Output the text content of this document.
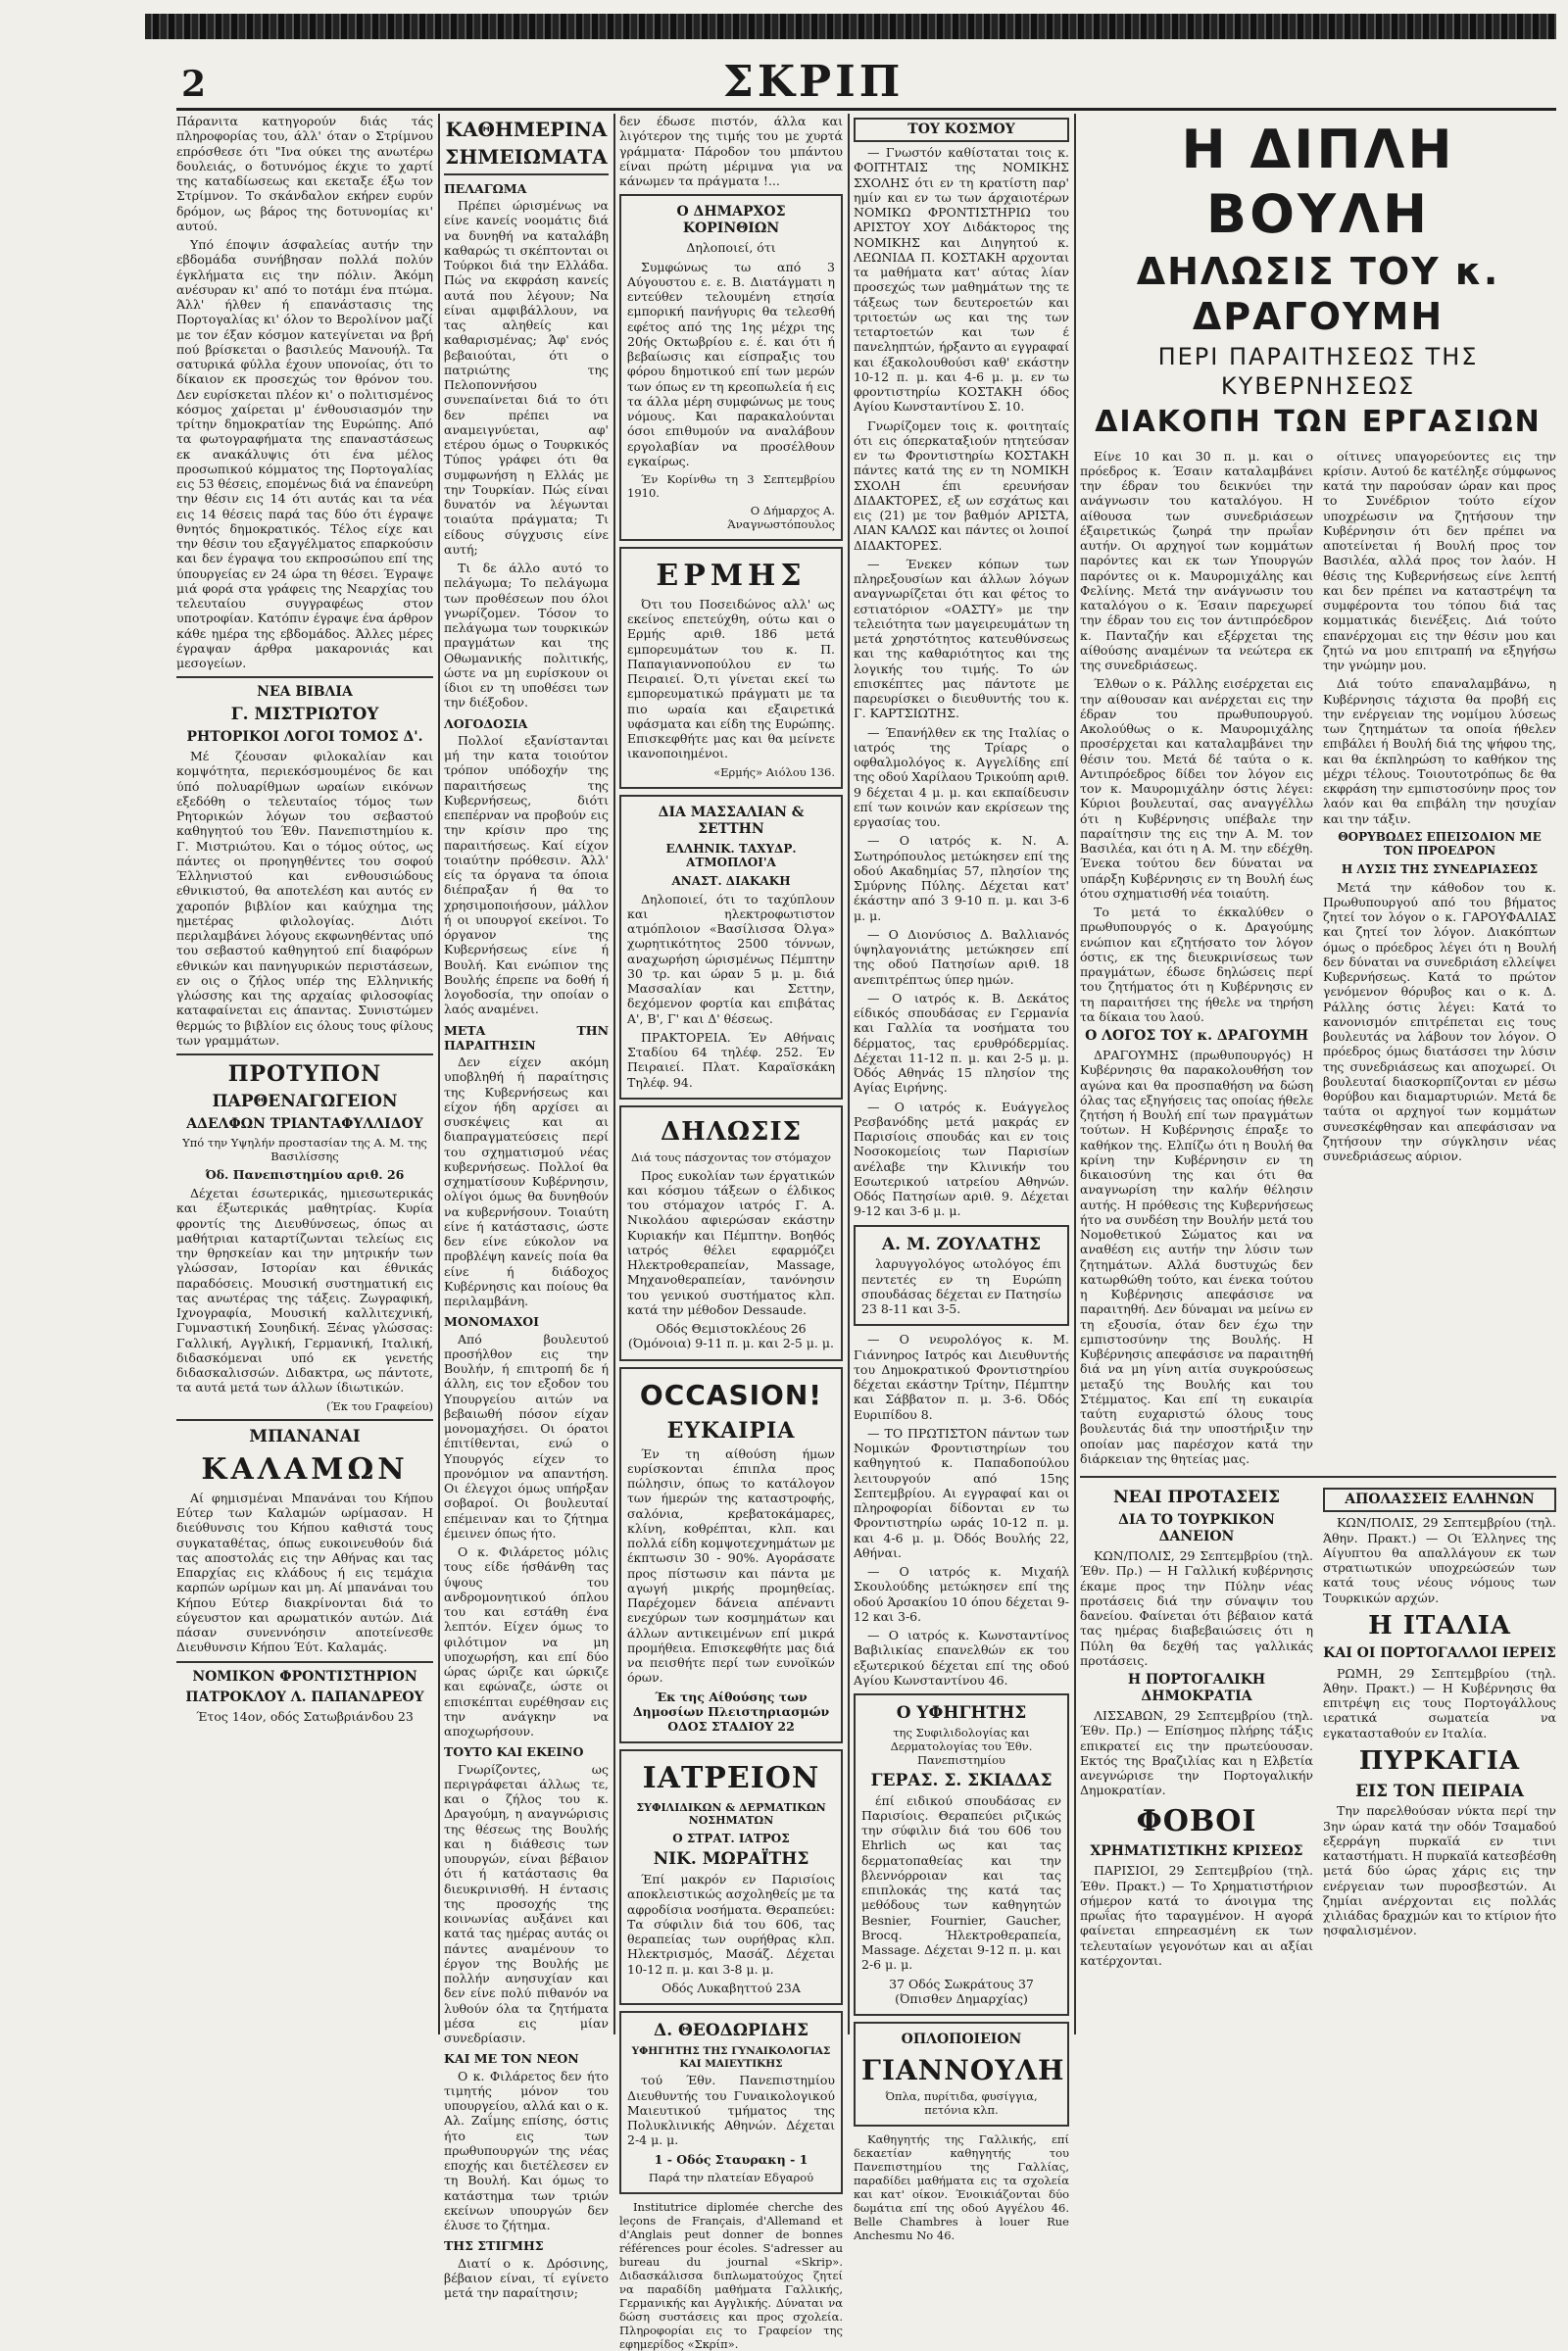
2	ΣΚΡΙΠ

Πάρανιτα κατηγορούν διάς τάς πληροφορίας του, άλλ' όταν ο Στρίμνου επρόσθεσε ότι "Ινα ούκει της ανωτέρω δουλειάς, ο δοτυνόμος έκχιε το χαρτί της καταδίωσεως και εκεταξε έξω τον Στρίμνον. Το σκάνδαλον εκήρεν ευρύν δρόμον, ως βάρος της δοτυνομίας κι' αυτού.

Υπό έποψιν άσφαλείας αυτήν την εβδομάδα συνήβησαν πολλά πολύν έγκλήματα εις την πόλιν. Άκόμη ανέσυραν κι' από το ποτάμι ένα πτώμα. Άλλ' ήλθεν ή επανάστασις της Πορτογαλίας κι' όλον το Βερολίνον μαζί με τον έξαν κόσμον κατεγίνεται να βρή πού βρίσκεται ο βασιλεύς Μανουήλ. Τα σατυρικά φύλλα έχουν υπονοίας, ότι το δίκαιον εκ προσεχώς τον θρόνον του. Δεν ευρίσκεται πλέον κι' ο πολιτισμένος κόσμος χαίρεται μ' ένθουσιασμόν την τρίτην δημοκρατίαν της Ευρώπης. Από τα φωτογραφήματα της επαναστάσεως εκ ανακάλυψις ότι ένα μέλος προσωπικού κόμματος της Πορτογαλίας εις 53 θέσεις, επομένως διά να έπανεύρη την θέσιν εις 14 ότι αυτάς και τα νέα εις 14 θέσεις παρά τας δύο ότι έγραψε θνητός δημοκρατικός. Τέλος είχε και την θέσιν του εξαγγέλματος επαρκούσιν και δεν έγραψα του εκπροσώπου επί της ύπουργείας εν 24 ώρα τη θέσει. Έγραψε μιά φορά στα γράφεις της Νεαρχίας του τελευταίου συγγραφέως στον υποτροφίαν. Κατόπιν έγραψε ένα άρθρον κάθε ημέρα της εβδομάδος. Άλλες μέρες έγραψαν άρθρα μακαρονιάς και μεσογείων.

ΝΕΑ ΒΙΒΛΙΑ
Γ. ΜΙΣΤΡΙΩΤΟΥ
ΡΗΤΟΡΙΚΟΙ ΛΟΓΟΙ ΤΟΜΟΣ Δ'.

Μέ ζέουσαν φιλοκαλίαν και κομψότητα, περιεκόσμουμένος δε και ύπό πολυαρίθμων ωραίων εικόνων εξεδόθη ο τελευταίος τόμος των Ρητορικών λόγων του σεβαστού καθηγητού του Έθν. Πανεπιστημίου κ. Γ. Μιστριώτου. Και ο τόμος ούτος, ως πάντες οι προηγηθέντες του σοφού Έλληνιστού και ενθουσιώδους εθνικιστού, θα αποτελέση και αυτός εν χαροπόν βιβλίον και καύχημα της ημετέρας φιλολογίας. Διότι περιλαμβάνει λόγους εκφωνηθέντας υπό του σεβαστού καθηγητού επί διαφόρων εθνικών και πανηγυρικών περιστάσεων, εν οις ο ζήλος υπέρ της Ελληνικής γλώσσης και της αρχαίας φιλοσοφίας καταφαίνεται εις άπαντας. Συνιστώμεν θερμώς το βιβλίον εις όλους τους φίλους των γραμμάτων.

ΠΡΟΤΥΠΟΝ
ΠΑΡΘΕΝΑΓΩΓΕΙΟΝ
ΑΔΕΛΦΩΝ ΤΡΙΑΝΤΑΦΥΛΛΙΔΟΥ

Υπό την Υψηλήν προστασίαν της Α. Μ. της Βασιλίσσης

Όδ. Πανεπιστημίου αριθ. 26

Δέχεται έσωτερικάς, ημιεσωτερικάς και έξωτερικάς μαθητρίας. Κυρία φροντίς της Διευθύνσεως, όπως αι μαθήτριαι καταρτίζωνται τελείως εις την θρησκείαν και την μητρικήν των γλώσσαν, Ιστορίαν και έθνικάς παραδόσεις. Μουσική συστηματική εις τας ανωτέρας της τάξεις. Ζωγραφική, Ιχνογραφία, Μουσική καλλιτεχνική, Γυμναστική Σουηδική. Ξένας γλώσσας: Γαλλική, Αγγλική, Γερμανική, Ιταλική, διδασκόμεναι υπό εκ γενετής διδασκαλισσών. Διδακτρα, ως πάντοτε, τα αυτά μετά των άλλων ίδιωτικών.

(Έκ του Γραφείου)

ΜΠΑΝΑΝΑΙ
ΚΑΛΑΜΩΝ

Αί φημισμέναι Μπανάναι του Κήπου Εύτερ των Καλαμών ωρίμασαν. Η διεύθυνσις του Κήπου καθιστά τους συγκαταθέτας, όπως ευκοινευθούν διά τας αποστολάς εις την Αθήνας και τας Επαρχίας εις κλάδους ή εις τεμάχια καρπών ωρίμων και μη. Αί μπανάναι του Κήπου Εύτερ διακρίνονται διά το εύγευστον και αρωματικόν αυτών. Διά πάσαν συνεννόησιν αποτείνεσθε Διευθυνσιν Κήπου Έύτ. Καλαμάς.

ΝΟΜΙΚΟΝ ΦΡΟΝΤΙΣΤΗΡΙΟΝ
ΠΑΤΡΟΚΛΟΥ Λ. ΠΑΠΑΝΔΡΕΟΥ

Έτος 14ον, οδός Σατωβριάνδου 23

ΚΑΘΗΜΕΡΙΝΑ
ΣΗΜΕΙΩΜΑΤΑ
ΠΕΛΑΓΩΜΑ

Πρέπει ώρισμένως να είνε κανείς νοομάτις διά να δυνηθή να καταλάβη καθαρώς τι σκέπτονται οι Τούρκοι διά την Ελλάδα. Πώς να εκφράση κανείς αυτά που λέγουν; Να είναι αμφιβάλλουν, να τας αληθείς και καθαρισμένας; Άφ' ενός βεβαιούται, ότι ο πατριώτης της Πελοποννήσου συνεπαίνεται διά το ότι δεν πρέπει να αναμειγνύεται, αφ' ετέρου όμως ο Τουρκικός Τύπος γράφει ότι θα συμφωνήση η Ελλάς με την Τουρκίαν. Πώς είναι δυνατόν να λέγωνται τοιαύτα πράγματα; Τι είδους σύγχυσις είνε αυτή;

Τι δε άλλο αυτό το πελάγωμα; Το πελάγωμα των προθέσεων που όλοι γνωρίζομεν. Τόσον το πελάγωμα των τουρκικών πραγμάτων και της Οθωμανικής πολιτικής, ώστε να μη ευρίσκουν οι ίδιοι εν τη υποθέσει των την διέξοδον.

ΛΟΓΟΔΟΣΙΑ

Πολλοί εξανίστανται μή την κατα τοιούτον τρόπον υπόδοχήν της παραιτήσεως της Κυβερνήσεως, διότι επεπέρναν να προβούν εις την κρίσιν προ της παραιτήσεως. Καί είχον τοιαύτην πρόθεσιν. Άλλ' είς τα όργανα τα όποια διέπραξαν ή θα το χρησιμοποιήσουν, μάλλον ή οι υπουργοί εκείνοι. Το όργανον της Κυβερνήσεως είνε ή Βουλή. Και ενώπιον της Βουλής έπρεπε να δοθή ή λογοδοσία, την οποίαν ο λαός αναμένει.

ΜΕΤΑ ΤΗΝ ΠΑΡΑΙΤΗΣΙΝ

Δεν είχεν ακόμη υποβληθή ή παραίτησις της Κυβερνήσεως και είχον ήδη αρχίσει αι συσκέψεις και αι διαπραγματεύσεις περί του σχηματισμού νέας κυβερνήσεως. Πολλοί θα σχηματίσουν Κυβέρνησιν, ολίγοι όμως θα δυνηθούν να κυβερνήσουν. Τοιαύτη είνε ή κατάστασις, ώστε δεν είνε εύκολον να προβλέψη κανείς ποία θα είνε ή διάδοχος Κυβέρνησις και ποίους θα περιλαμβάνη.

ΜΟΝΟΜΑΧΟΙ

Από βουλευτού προσήλθον εις την Βουλήν, ή επιτροπή δε ή άλλη, εις τον εξοδον του Υπουργείου αιτών να βεβαιωθή πόσον είχαν μονομαχήσει. Οι όρατοι έπιτίθενται, ενώ ο Υπουργός είχεν το προνόμιον να απαντήση. Οι έλεγχοι όμως υπήρξαν σοβαροί. Οι βουλευταί επέμειναν και το ζήτημα έμεινεν όπως ήτο.

Ο κ. Φιλάρετος μόλις τους είδε ήσθάνθη τας ύψους του ανδρομονητικού όπλου του και εστάθη ένα λεπτόν. Είχεν όμως το φιλότιμον να μη υποχωρήση, και επί δύο ώρας ώριζε και ώρκιζε και εφώναζε, ώστε οι επισκέπται ευρέθησαν εις την ανάγκην να αποχωρήσουν.

ΤΟΥΤΟ ΚΑΙ ΕΚΕΙΝΟ

Γνωρίζοντες, ως περιγράφεται άλλως τε, και ο ζήλος του κ. Δραγούμη, η αναγνώρισις της θέσεως της Βουλής και η διάθεσις των υπουργών, είναι βέβαιον ότι ή κατάστασις θα διευκρινισθή. Η έντασις της προσοχής της κοινωνίας αυξάνει και κατά τας ημέρας αυτάς οι πάντες αναμένουν το έργον της Βουλής με πολλήν ανησυχίαν και δεν είνε πολύ πιθανόν να λυθούν όλα τα ζητήματα μέσα εις μίαν συνεδρίασιν.

ΚΑΙ ΜΕ ΤΟΝ ΝΕΟΝ

Ο κ. Φιλάρετος δεν ήτο τιμητής μόνον του υπουργείου, αλλά και ο κ. Αλ. Ζαΐμης επίσης, όστις ήτο εις των πρωθυπουργών της νέας εποχής και διετέλεσεν εν τη Βουλή. Και όμως το κατάστημα των τριών εκείνων υπουργών δεν έλυσε το ζήτημα.

ΤΗΣ ΣΤΙΓΜΗΣ

Διατί ο κ. Δρόσινης, βέβαιον είναι, τί εγίνετο μετά την παραίτησιν;

δεν έδωσε πιστόν, άλλα και λιγότερον της τιμής του με χυρτά γράμματα· Πάροδον του μπάντου είναι πρώτη μέριμνα για να κάνωμεν τα πράγματα !...

Ο ΔΗΜΑΡΧΟΣ ΚΟΡΙΝΘΙΩΝ

Δηλοποιεί, ότι

Συμφώνως τω από 3 Αύγουστου ε. ε. Β. Διατάγματι η εντεύθεν τελουμένη ετησία εμπορική πανήγυρις θα τελεσθή εφέτος από της 1ης μέχρι της 20ής Οκτωβρίου ε. έ. και ότι ή βεβαίωσις και είσπραξις του φόρου δημοτικού επί των μερών των όπως εν τη κρεοπωλεία ή εις τα άλλα μέρη συμφώνως με τους νόμους. Και παρακαλούνται όσοι επιθυμούν να αναλάβουν εργολαβίαν να προσέλθουν εγκαίρως.

Έν Κορίνθω τη 3 Σεπτεμβρίου 1910.

Ο Δήμαρχος Α. Άναγνωστόπουλος

ΕΡΜΗΣ

Ότι του Ποσειδώνος αλλ' ως εκείνος επετεύχθη, ούτω και ο Ερμής αριθ. 186 μετά εμπορευμάτων του κ. Π. Παπαγιαννοπούλου εν τω Πειραιεί. Ό,τι γίνεται εκεί τω εμπορευματικώ πράγματι με τα πιο ωραία και εξαιρετικά υφάσματα και είδη της Ευρώπης. Επισκεφθήτε μας και θα μείνετε ικανοποιημένοι.

«Ερμής» Αιόλου 136.

ΔΙΑ ΜΑΣΣΑΛΙΑΝ & ΣΕΤΤΗΝ
ΕΛΛΗΝΙΚ. ΤΑΧΥΔΡ. ΑΤΜΟΠΛΟΙ'Α
ΑΝΑΣΤ. ΔΙΑΚΑΚΗ

Δηλοποιεί, ότι το ταχύπλουν και ηλεκτροφωτιστον ατμόπλοιον «Βασίλισσα Όλγα» χωρητικότητος 2500 τόννων, αναχωρήση ώρισμένως Πέμπτην 30 τρ. και ώραν 5 μ. μ. διά Μασσαλίαν και Σεττην, δεχόμενον φορτία και επιβάτας Α', Β', Γ' και Δ' θέσεως.

ΠΡΑΚΤΟΡΕΙΑ. Έν Αθήναις Σταδίου 64 τηλέφ. 252. Έν Πειραιεί. Πλατ. Καραϊσκάκη Τηλέφ. 94.

ΔΗΛΩΣΙΣ

Διά τους πάσχοντας τον στόμαχον

Προς ευκολίαν των έργατικών και κόσμου τάξεων ο έλδικος του στόμαχον ιατρός Γ. Α. Νικολάου αφιερώσαν εκάστην Κυριακήν και Πέμπτην. Βοηθός ιατρός θέλει εφαρμόζει Ηλεκτροθεραπείαν, Massage, Μηχανοθεραπείαν, τανόνησιν του γενικού συστήματος κλπ. κατά την μέθοδον Dessaude.

Οδός Θεμιστοκλέους 26 (Όμόνοια) 9-11 π. μ. και 2-5 μ. μ.

OCCASION!
ΕΥΚΑΙΡΙΑ

Έν τη αίθούση ήμων ευρίσκονται έπιπλα προς πώλησιν, όπως το κατάλογον των ήμερών της καταστροφής, σαλόνια, κρεβατοκάμαρες, κλίνη, κοθρέπται, κλπ. και πολλά είδη κομψοτεχνημάτων με έκπτωσιν 30 - 90%. Αγοράσατε προς πίστωσιν και πάντα με αγωγή μικρής προμηθείας. Παρέχομεν δάνεια απέναντι ενεχύρων των κοσμημάτων και άλλων αντικειμένων επί μικρά προμήθεια. Επισκεφθήτε μας διά να πεισθήτε περί των ευνοϊκών όρων.

Έκ της Αίθούσης των Δημοσίων Πλειστηριασμών ΟΔΟΣ ΣΤΑΔΙΟΥ 22

ΙΑΤΡΕΙΟΝ
ΣΥΦΙΛΙΔΙΚΩΝ & ΔΕΡΜΑΤΙΚΩΝ ΝΟΣΗΜΑΤΩΝ
Ο ΣΤΡΑΤ. ΙΑΤΡΟΣ
ΝΙΚ. ΜΩΡΑΪΤΗΣ

Έπί μακρόν εν Παρισίοις αποκλειστικώς ασχοληθείς με τα αφροδίσια νοσήματα. Θεραπεύει: Τα σύφιλιν διά του 606, τας θεραπείας των ουρήθρας κλπ. Ηλεκτρισμός, Μασάζ. Δέχεται 10-12 π. μ. και 3-8 μ. μ.

Οδός Λυκαβηττού 23Α

Δ. ΘΕΟΔΩΡΙΔΗΣ
ΥΦΗΓΗΤΗΣ ΤΗΣ ΓΥΝΑΙΚΟΛΟΓΙΑΣ ΚΑΙ ΜΑΙΕΥΤΙΚΗΣ

τού Έθν. Πανεπιστημίου Διευθυντής του Γυναικολογικού Μαιευτικού τμήματος της Πολυκλινικής Αθηνών. Δέχεται 2-4 μ. μ.

1 - Οδός Σταυρακη - 1

Παρά την πλατείαν Εδγαρού

Institutrice diplomée cherche des leçons de Français, d'Allemand et d'Anglais peut donner de bonnes références pour écoles. S'adresser au bureau du journal «Skrip». Διδασκάλισσα διπλωματούχος ζητεί να παραδίδη μαθήματα Γαλλικής, Γερμανικής και Αγγλικής. Δύναται να δώση συστάσεις και προς σχολεία. Πληροφορίαι εις το Γραφείον της εφημερίδος «Σκρίπ».

ΤΟΥ ΚΟΣΜΟΥ

— Γνωστόν καθίσταται τοις κ. ΦΟΙΤΗΤΑΙΣ της ΝΟΜΙΚΗΣ ΣΧΟΛΗΣ ότι εν τη κρατίστη παρ' ημίν και εν τω των άρχαιοτέρων ΝΟΜΙΚΩ ΦΡΟΝΤΙΣΤΗΡΙΩ του ΑΡΙΣΤΟΥ ΧΟΥ Διδάκτορος της ΝΟΜΙΚΗΣ και Διηγητού κ. ΛΕΩΝΙΔΑ Π. ΚΟΣΤΑΚΗ αρχονται τα μαθήματα κατ' αύτας λίαν προσεχώς των μαθημάτων της τε τάξεως των δευτεροετών και τριτοετών ως και της των τεταρτοετών και των έ πανεληπτών, ήρξαντο αι εγγραφαί και έξακολουθούσι καθ' εκάστην 10-12 π. μ. και 4-6 μ. μ. εν τω φροντιστηρίω ΚΟΣΤΑΚΗ όδος Αγίου Κωνσταντίνου Σ. 10.

Γνωρίζομεν τοις κ. φοιτηταίς ότι εις όπερκαταξιούν ητητεύσαν εν τω Φροντιστηρίω ΚΟΣΤΑΚΗ πάντες κατά της εν τη ΝΟΜΙΚΗ ΣΧΟΛΗ έπι ερευνήσαν ΔΙΔΑΚΤΟΡΕΣ, εξ ων εσχάτως και εις (21) με τον βαθμόν ΑΡΙΣΤΑ, ΛΙΑΝ ΚΑΛΩΣ και πάντες οι λοιποί ΔΙΔΑΚΤΟΡΕΣ.

— Ένεκεν κόπων των πληρεξουσίων και άλλων λόγων αναγνωρίζεται ότι και φέτος το εστιατόριον «ΟΑΣΤΥ» με την τελειότητα των μαγειρευμάτων τη μετά χρηστότητος κατευθύνσεως και της καθαριότητος και της λογικής του τιμής. Το ών επισκέπτες μας πάντοτε με παρευρίσκει ο διευθυντής του κ. Γ. ΚΑΡΤΣΙΩΤΗΣ.

— Έπανήλθεν εκ της Ιταλίας ο ιατρός της Τρίαρς ο οφθαλμολόγος κ. Αγγελίδης επί της οδού Χαρίλαου Τρικούπη αριθ. 9 δέχεται 4 μ. μ. και εκπαίδευσιν επί των κοινών καν εκρίσεων της εργασίας του.

— Ο ιατρός κ. Ν. Α. Σωτηρόπουλος μετώκησεν επί της οδού Ακαδημίας 57, πλησίον της Σμύρνης Πύλης. Δέχεται κατ' έκάστην από 3 9-10 π. μ. και 3-6 μ. μ.

— Ο Διονύσιος Δ. Βαλλιανός ύψηλαγονιάτης μετώκησεν επί της οδού Πατησίων αριθ. 18 ανεπιτρέπτως ύπερ ημών.

— Ο ιατρός κ. Β. Δεκάτος είδικός σπουδάσας εν Γερμανία και Γαλλία τα νοσήματα του δέρματος, τας ερυθρόδερμίας. Δέχεται 11-12 π. μ. και 2-5 μ. μ. Όδός Αθηνάς 15 πλησίον της Αγίας Ειρήνης.

— Ο ιατρός κ. Ευάγγελος Ρεσβανόδης μετά μακράς εν Παρισίοις σπουδάς και εν τοις Νοσοκομείοις των Παρισίων ανέλαβε την Κλινικήν του Εσωτερικού ιατρείου Αθηνών. Οδός Πατησίων αριθ. 9. Δέχεται 9-12 και 3-6 μ. μ.

Α. Μ. ΖΟΥΛΑΤΗΣ

λαρυγγολόγος ωτολόγος έπι πεντετές εν τη Ευρώπη σπουδάσας δέχεται εν Πατησίω 23 8-11 και 3-5.

— Ο νευρολόγος κ. Μ. Γιάννηρος Ιατρός και Διευθυντής του Δημοκρατικού Φροντιστηρίου δέχεται εκάστην Τρίτην, Πέμπτην και Σάββατον π. μ. 3-6. Όδός Ευριπίδου 8.

— ΤΟ ΠΡΩΤΙΣΤΟΝ πάντων των Νομικών Φροντιστηρίων του καθηγητού κ. Παπαδοπούλου λειτουργούν από 15ης Σεπτεμβρίου. Αι εγγραφαί και οι πληροφορίαι δίδονται εν τω Φροντιστηρίω ωράς 10-12 π. μ. και 4-6 μ. μ. Όδός Βουλής 22, Αθήναι.

— Ο ιατρός κ. Μιχαήλ Σκουλούδης μετώκησεν επί της οδού Άρσακίου 10 όπου δέχεται 9-12 και 3-6.

— Ο ιατρός κ. Κωνσταντίνος Βαβιλικίας επανελθών εκ του εξωτερικού δέχεται επί της οδού Αγίου Κωνσταντίνου 46.

Ο ΥΦΗΓΗΤΗΣ

της Συφιλιδολογίας και Δερματολογίας του Έθν. Πανεπιστημίου

ΓΕΡΑΣ. Σ. ΣΚΙΑΔΑΣ

έπί ειδικού σπουδάσας εν Παρισίοις. Θεραπεύει ριζικώς την σύφιλιν διά του 606 του Ehrlich ως και τας δερματοπαθείας και την βλεννόρροιαν και τας επιπλοκάς της κατά τας μεθόδους των καθηγητών Besnier, Fournier, Gaucher, Brocq. Ήλεκτροθεραπεία, Massage. Δέχεται 9-12 π. μ. και 2-6 μ. μ.

37 Οδός Σωκράτους 37 (Όπισθεν Δημαρχίας)

ΟΠΛΟΠΟΙΕΙΟΝ
ΓΙΑΝΝΟΥΛΗ

Όπλα, πυρίτιδα, φυσίγγια, πετόνια κλπ.

Καθηγητής της Γαλλικής, επί δεκαετίαν καθηγητής του Πανεπιστημίου της Γαλλίας, παραδίδει μαθήματα εις τα σχολεία και κατ' οίκον. Ένοικιάζονται δύο δωμάτια επί της οδού Αγγέλου 46. Belle Chambres à louer Rue Anchesmu No 46.

Η ΔΙΠΛΗ ΒΟΥΛΗ
ΔΗΛΩΣΙΣ ΤΟΥ κ. ΔΡΑΓΟΥΜΗ
ΠΕΡΙ ΠΑΡΑΙΤΗΣΕΩΣ ΤΗΣ ΚΥΒΕΡΝΗΣΕΩΣ
ΔΙΑΚΟΠΗ ΤΩΝ ΕΡΓΑΣΙΩΝ

Είνε 10 και 30 π. μ. και ο πρόεδρος κ. Έσαιν καταλαμβάνει την έδραν του δεικνύει την ανάγνωσιν του καταλόγου. Η αίθουσα των συνεδριάσεων έξαιρετικώς ζωηρά την πρωΐαν αυτήν. Οι αρχηγοί των κομμάτων παρόντες και εκ των Υπουργών παρόντες οι κ. Μαυρομιχάλης και Φελίνης. Μετά την ανάγνωσιν του καταλόγου ο κ. Έσαιν παρεχωρεί την έδραν του εις τον άντιπρόεδρον κ. Πανταζήν και εξέρχεται της αίθούσης αναμένων τα νεώτερα εκ της συνεδριάσεως.

Έλθων ο κ. Ράλλης εισέρχεται εις την αίθουσαν και ανέρχεται εις την έδραν του πρωθυπουργού. Ακολούθως ο κ. Μαυρομιχάλης προσέρχεται και καταλαμβάνει την θέσιν του. Μετά δέ ταύτα ο κ. Αντιπρόεδρος δίδει τον λόγον εις τον κ. Μαυρομιχάλην όστις λέγει: Κύριοι βουλευταί, σας αναγγέλλω ότι η Κυβέρνησις υπέβαλε την παραίτησιν της εις την Α. Μ. τον Βασιλέα, και ότι η Α. Μ. την εδέχθη. Ένεκα τούτου δεν δύναται να υπάρξη Κυβέρνησις εν τη Βουλή έως ότου σχηματισθή νέα τοιαύτη.

Το μετά το έκκαλύθεν ο πρωθυπουργός ο κ. Δραγούμης ενώπιον και εζητήσατο τον λόγον όστις, εκ της διευκρινίσεως των πραγμάτων, έδωσε δηλώσεις περί του ζητήματος ότι η Κυβέρνησις εν τη παραιτήσει της ήθελε να τηρήση τα δίκαια του λαού.

Ο ΛΟΓΟΣ ΤΟΥ κ. ΔΡΑΓΟΥΜΗ

ΔΡΑΓΟΥΜΗΣ (πρωθυπουργός) Η Κυβέρνησις θα παρακολουθήση τον αγώνα και θα προσπαθήση να δώση όλας τας εξηγήσεις τας οποίας ήθελε ζητήση ή Βουλή επί των πραγμάτων τούτων. Η Κυβέρνησις έπραξε το καθήκον της. Ελπίζω ότι η Βουλή θα κρίνη την Κυβέρνησιν εν τη δικαιοσύνη της και ότι θα αναγνωρίση την καλήν θέλησιν αυτής. Η πρόθεσις της Κυβερνήσεως ήτο να συνδέση την Βουλήν μετά του Νομοθετικού Σώματος και να αναθέση εις αυτήν την λύσιν των ζητημάτων. Αλλά δυστυχώς δεν κατωρθώθη τούτο, και ένεκα τούτου η Κυβέρνησις απεφάσισε να παραιτηθή. Δεν δύναμαι να μείνω εν τη εξουσία, όταν δεν έχω την εμπιστοσύνην της Βουλής. Η Κυβέρνησις απεφάσισε να παραιτηθή διά να μη γίνη αιτία συγκρούσεως μεταξύ της Βουλής και του Στέμματος. Και επί τη ευκαιρία ταύτη ευχαριστώ όλους τους βουλευτάς διά την υποστήριξιν την οποίαν μας παρέσχον κατά την διάρκειαν της θητείας μας.

οίτινες υπαγορεύοντες εις την κρίσιν. Αυτού δε κατέληξε σύμφωνος κατά την παρούσαν ώραν και προς το Συνέδριον τούτο είχον υποχρέωσιν να ζητήσουν την Κυβέρνησιν ότι δεν πρέπει να αποτείνεται ή Βουλή προς τον Βασιλέα, αλλά προς τον λαόν. Η θέσις της Κυβερνήσεως είνε λεπτή και δεν πρέπει να καταστρέψη τα συμφέροντα του τόπου διά τας κομματικάς διενέξεις. Διά τούτο επανέρχομαι εις την θέσιν μου και ζητώ να μου επιτραπή να εξηγήσω την γνώμην μου.

Διά τούτο επαναλαμβάνω, η Κυβέρνησις τάχιστα θα προβή εις την ενέργειαν της νομίμου λύσεως των ζητημάτων τα οποία ήθελεν επιβάλει ή Βουλή διά της ψήφου της, και θα έκπληρώση το καθήκον της μέχρι τέλους. Τοιουτοτρόπως δε θα εκφράση την εμπιστοσύνην προς τον λαόν και θα επιβάλη την ησυχίαν και την τάξιν.

ΘΟΡΥΒΩΔΕΣ ΕΠΕΙΣΟΔΙΟΝ ΜΕ ΤΟΝ ΠΡΟΕΔΡΟΝ
Η ΛΥΣΙΣ ΤΗΣ ΣΥΝΕΔΡΙΑΣΕΩΣ

Μετά την κάθοδον του κ. Πρωθυπουργού από του βήματος ζητεί τον λόγον ο κ. ΓΑΡΟΥΦΑΛΙΑΣ και ζητεί τον λόγον. Διακόπτων όμως ο πρόεδρος λέγει ότι η Βουλή δεν δύναται να συνεδριάση ελλείψει Κυβερνήσεως. Κατά το πρώτον γενόμενον θόρυβος και ο κ. Δ. Ράλλης όστις λέγει: Κατά το κανονισμόν επιτρέπεται εις τους βουλευτάς να λάβουν τον λόγον. Ο πρόεδρος όμως διατάσσει την λύσιν της συνεδριάσεως και αποχωρεί. Οι βουλευταί διασκορπίζονται εν μέσω θορύβου και διαμαρτυριών. Μετά δε ταύτα οι αρχηγοί των κομμάτων συνεσκέφθησαν και απεφάσισαν να ζητήσουν την σύγκλησιν νέας συνεδριάσεως αύριον.

ΝΕΑΙ ΠΡΟΤΑΣΕΙΣ
ΔΙΑ ΤΟ ΤΟΥΡΚΙΚΟΝ ΔΑΝΕΙΟΝ

ΚΩΝ/ΠΟΛΙΣ, 29 Σεπτεμβρίου (τηλ. Έθν. Πρ.) — Η Γαλλική κυβέρνησις έκαμε προς την Πύλην νέας προτάσεις διά την σύναψιν του δανείου. Φαίνεται ότι βέβαιον κατά τας ημέρας διαβεβαιώσεις ότι η Πύλη θα δεχθή τας γαλλικάς προτάσεις.

Η ΠΟΡΤΟΓΑΛΙΚΗ ΔΗΜΟΚΡΑΤΙΑ

ΛΙΣΣΑΒΩΝ, 29 Σεπτεμβρίου (τηλ. Έθν. Πρ.) — Επίσημος πλήρης τάξις επικρατεί εις την πρωτεύουσαν. Εκτός της Βραζιλίας και η Ελβετία ανεγνώρισε την Πορτογαλικήν Δημοκρατίαν.

ΦΟΒΟΙ
ΧΡΗΜΑΤΙΣΤΙΚΗΣ ΚΡΙΣΕΩΣ

ΠΑΡΙΣΙΟΙ, 29 Σεπτεμβρίου (τηλ. Έθν. Πρακτ.) — Το Χρηματιστήριον σήμερον κατά το άνοιγμα της πρωΐας ήτο ταραγμένον. Η αγορά φαίνεται επηρεασμένη εκ των τελευταίων γεγονότων και αι αξίαι κατέρχονται.

ΑΠΟΛΑΣΣΕΙΣ ΕΛΛΗΝΩΝ

ΚΩΝ/ΠΟΛΙΣ, 29 Σεπτεμβρίου (τηλ. Άθην. Πρακτ.) — Οι Έλληνες της Αίγυπτου θα απαλλάγουν εκ των στρατιωτικών υποχρεώσεών των κατά τους νέους νόμους των Τουρκικών αρχών.

Η ΙΤΑΛΙΑ
ΚΑΙ ΟΙ ΠΟΡΤΟΓΑΛΛΟΙ ΙΕΡΕΙΣ

ΡΩΜΗ, 29 Σεπτεμβρίου (τηλ. Άθην. Πρακτ.) — Η Κυβέρνησις θα επιτρέψη εις τους Πορτογάλλους ιερατικά σωματεία να εγκατασταθούν εν Ιταλία.

ΠΥΡΚΑΓΙΑ
ΕΙΣ ΤΟΝ ΠΕΙΡΑΙΑ

Την παρελθούσαν νύκτα περί την 3ην ώραν κατά την οδόν Τσαμαδού εξερράγη πυρκαϊά εν τινι καταστήματι. Η πυρκαϊά κατεσβέσθη μετά δύο ώρας χάρις εις την ενέργειαν των πυροσβεστών. Αι ζημίαι ανέρχονται εις πολλάς χιλιάδας δραχμών και το κτίριον ήτο ησφαλισμένον.
